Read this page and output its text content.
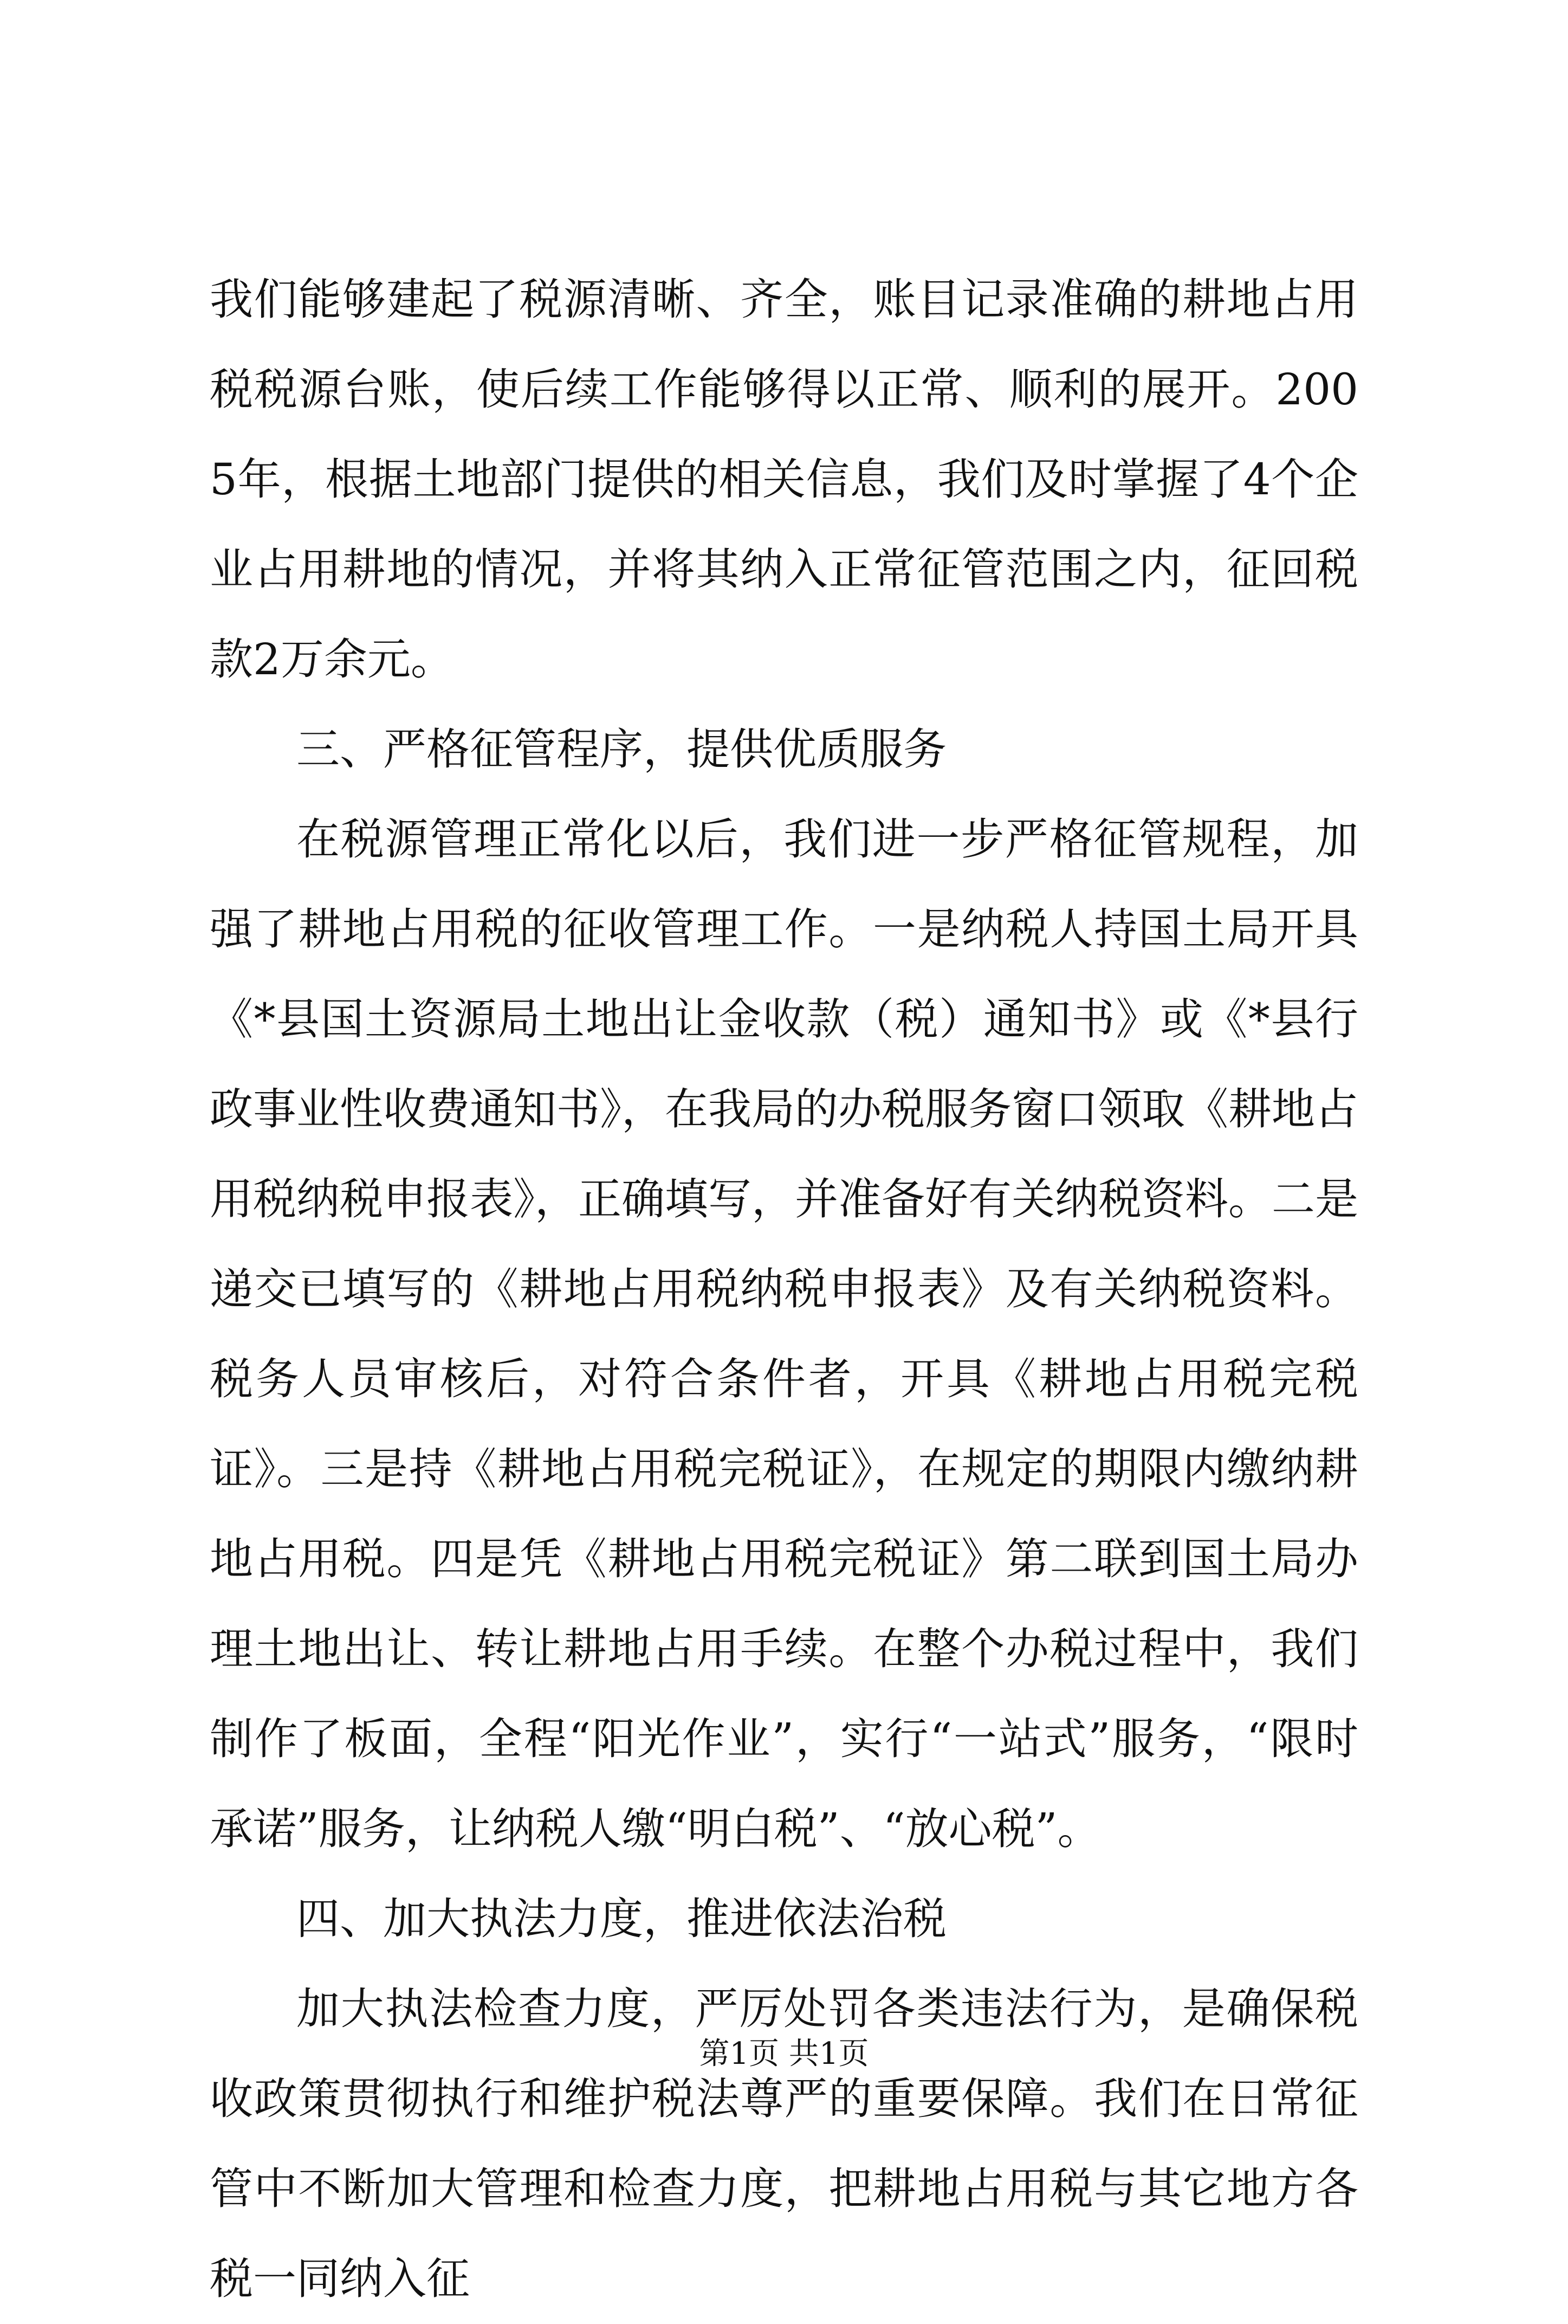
我们能够建起了税源清晰、齐全，账目记录准确的耕地占用税税源台账，使后续工作能够得以正常、顺利的展开。2005年，根据土地部门提供的相关信息，我们及时掌握了4个企业占用耕地的情况，并将其纳入正常征管范围之内，征回税款2万余元。

三、严格征管程序，提供优质服务

在税源管理正常化以后，我们进一步严格征管规程，加强了耕地占用税的征收管理工作。一是纳税人持国土局开具《*县国土资源局土地出让金收款（税）通知书》或《*县行政事业性收费通知书》，在我局的办税服务窗口领取《耕地占用税纳税申报表》，正确填写，并准备好有关纳税资料。二是递交已填写的《耕地占用税纳税申报表》及有关纳税资料。税务人员审核后，对符合条件者，开具《耕地占用税完税证》。三是持《耕地占用税完税证》，在规定的期限内缴纳耕地占用税。四是凭《耕地占用税完税证》第二联到国土局办理土地出让、转让耕地占用手续。在整个办税过程中，我们制作了板面，全程“阳光作业”，实行“一站式”服务，“限时承诺”服务，让纳税人缴“明白税”、“放心税”。

四、加大执法力度，推进依法治税

加大执法检查力度，严厉处罚各类违法行为，是确保税收政策贯彻执行和维护税法尊严的重要保障。我们在日常征管中不断加大管理和检查力度，把耕地占用税与其它地方各税一同纳入征

第1页 共1页
